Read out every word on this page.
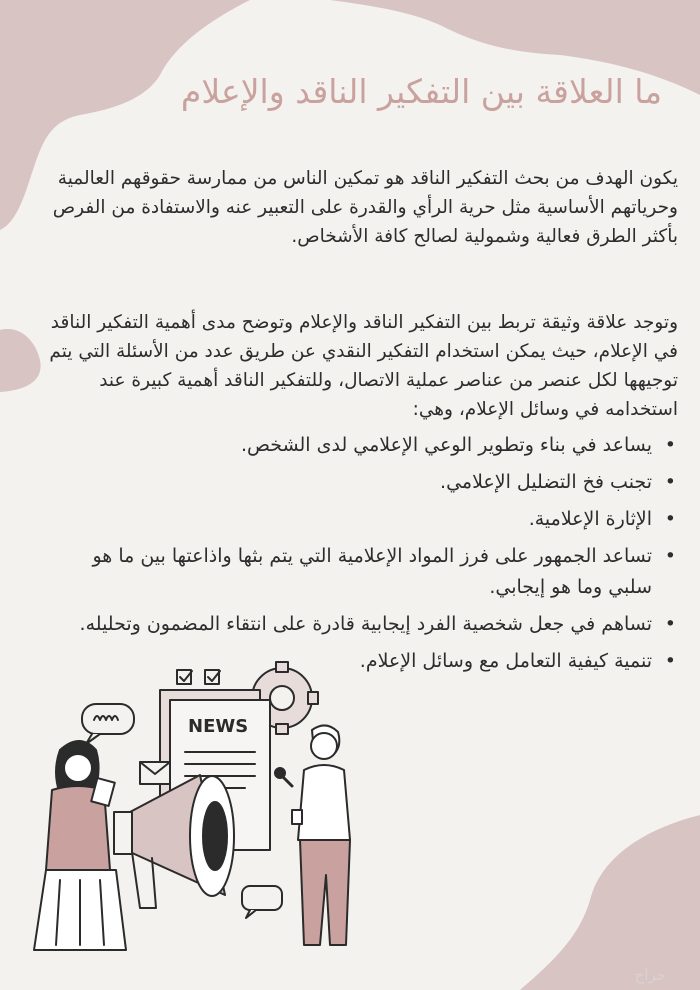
ما العلاقة بين التفكير الناقد والإعلام

يكون الهدف من بحث التفكير الناقد هو تمكين الناس من ممارسة حقوقهم العالمية وحرياتهم الأساسية مثل حرية الرأي والقدرة على التعبير عنه والاستفادة من الفرص بأكثر الطرق فعالية وشمولية لصالح كافة الأشخاص.

وتوجد علاقة وثيقة تربط بين التفكير الناقد والإعلام وتوضح مدى أهمية التفكير الناقد في الإعلام، حيث يمكن استخدام التفكير النقدي عن طريق عدد من الأسئلة التي يتم توجيهها لكل عنصر من عناصر عملية الاتصال، وللتفكير الناقد أهمية كبيرة عند استخدامه في وسائل الإعلام، وهي:

• يساعد في بناء وتطوير الوعي الإعلامي لدى الشخص.
• تجنب فخ التضليل الإعلامي.
• الإثارة الإعلامية.
• تساعد الجمهور على فرز المواد الإعلامية التي يتم بثها واذاعتها بين ما هو سلبي وما هو إيجابي.
• تساهم في جعل شخصية الفرد إيجابية قادرة على انتقاء المضمون وتحليله.
• تنمية كيفية التعامل مع وسائل الإعلام.
NEWS
حراج
